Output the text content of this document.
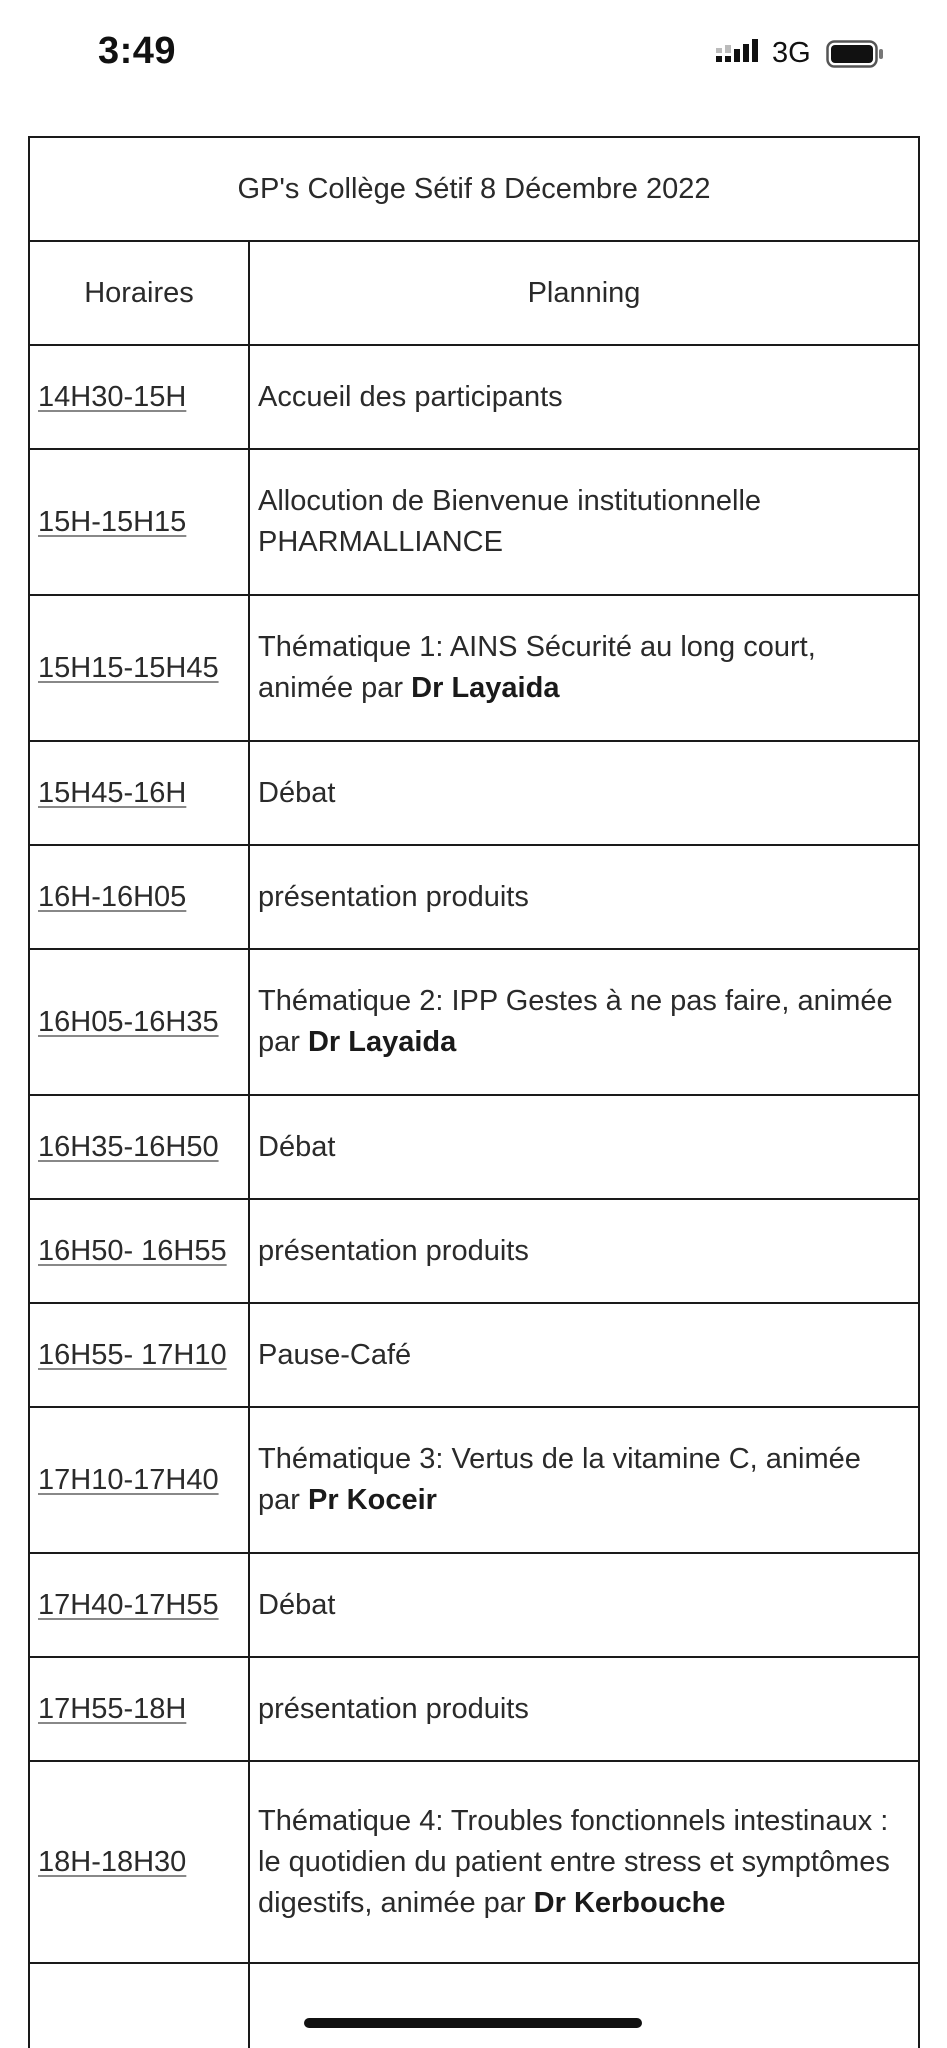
3:49	3G
GP's Collège Sétif 8 Décembre 2022	
Horaires	Planning
14H30-15H	Accueil des participants
15H-15H15	Allocution de Bienvenue institutionnelle PHARMALLIANCE
15H15-15H45	Thématique 1: AINS Sécurité au long court, animée par Dr Layaida
15H45-16H	Débat
16H-16H05	présentation produits
16H05-16H35	Thématique 2: IPP Gestes à ne pas faire, animée par Dr Layaida
16H35-16H50	Débat
16H50- 16H55	présentation produits
16H55- 17H10	Pause-Café
17H10-17H40	Thématique 3: Vertus de la vitamine C, animée par Pr Koceir
17H40-17H55	Débat
17H55-18H	présentation produits
18H-18H30	Thématique 4: Troubles fonctionnels intestinaux : le quotidien du patient entre stress et symptômes digestifs, animée par Dr Kerbouche
